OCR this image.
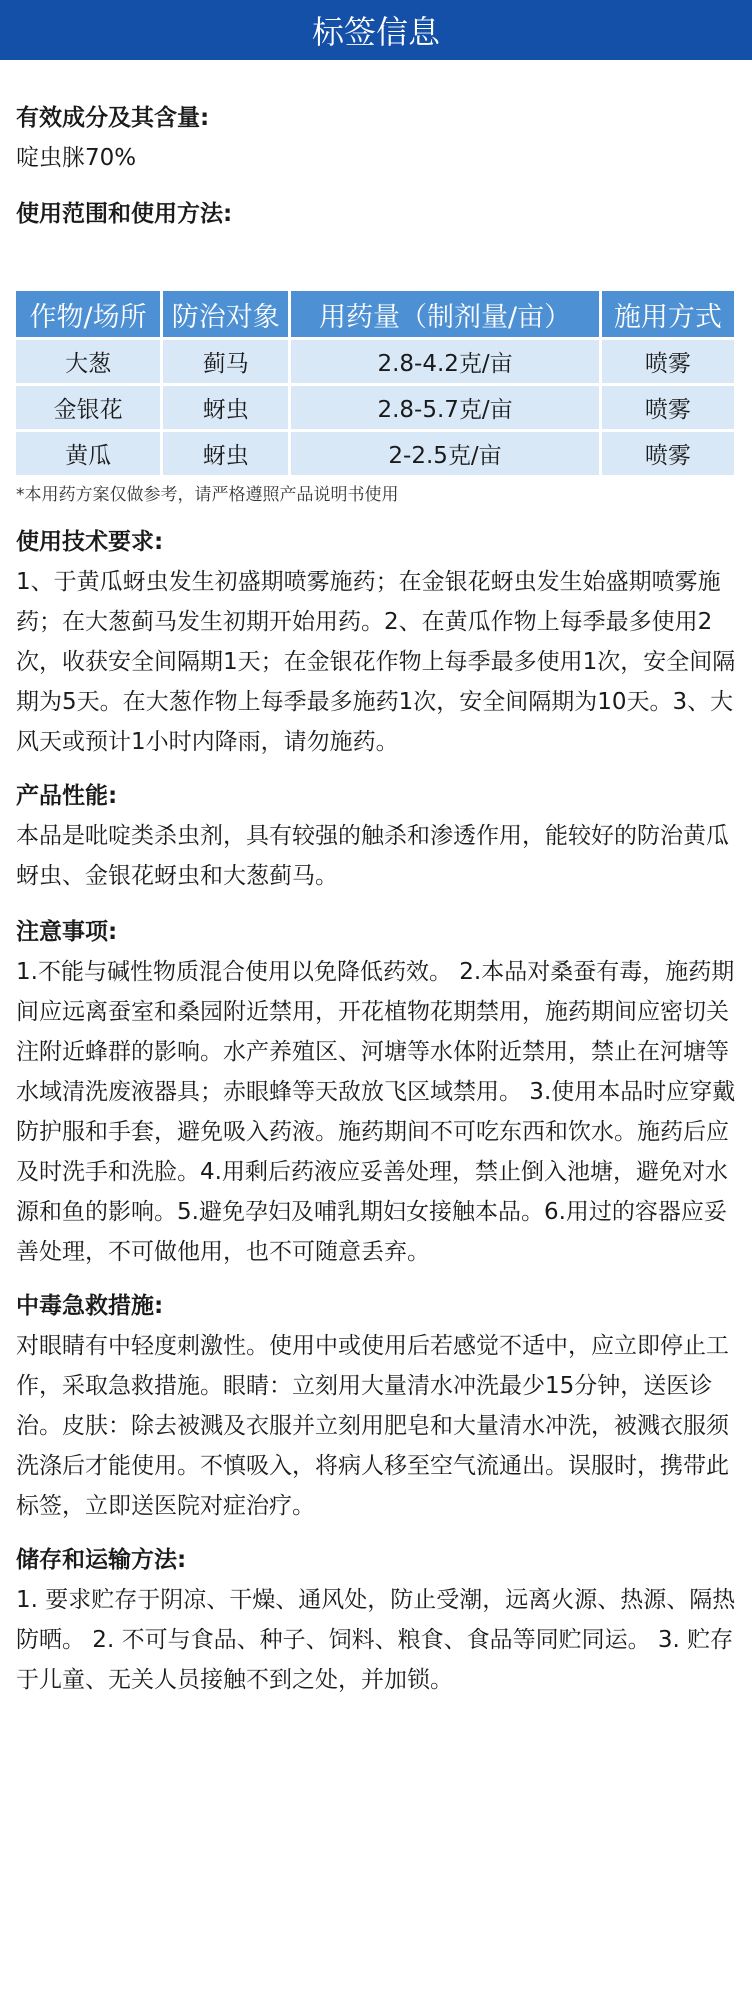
标签信息

有效成分及其含量:

啶虫脒70%

使用范围和使用方法:

作物/场所	防治对象	用药量（制剂量/亩）	施用方式
大葱	蓟马	2.8-4.2克/亩	喷雾
金银花	蚜虫	2.8-5.7克/亩	喷雾
黄瓜	蚜虫	2-2.5克/亩	喷雾

*本用药方案仅做参考，请严格遵照产品说明书使用

使用技术要求:

1、于黄瓜蚜虫发生初盛期喷雾施药；在金银花蚜虫发生始盛期喷雾施药；在大葱蓟马发生初期开始用药。2、在黄瓜作物上每季最多使用2次，收获安全间隔期1天；在金银花作物上每季最多使用1次，安全间隔期为5天。在大葱作物上每季最多施药1次，安全间隔期为10天。3、大风天或预计1小时内降雨，请勿施药。

产品性能:

本品是吡啶类杀虫剂，具有较强的触杀和渗透作用，能较好的防治黄瓜蚜虫、金银花蚜虫和大葱蓟马。

注意事项:

1.不能与碱性物质混合使用以免降低药效。 2.本品对桑蚕有毒，施药期间应远离蚕室和桑园附近禁用，开花植物花期禁用，施药期间应密切关注附近蜂群的影响。水产养殖区、河塘等水体附近禁用，禁止在河塘等水域清洗废液器具；赤眼蜂等天敌放飞区域禁用。 3.使用本品时应穿戴防护服和手套，避免吸入药液。施药期间不可吃东西和饮水。施药后应及时洗手和洗脸。4.用剩后药液应妥善处理，禁止倒入池塘，避免对水源和鱼的影响。5.避免孕妇及哺乳期妇女接触本品。6.用过的容器应妥善处理，不可做他用，也不可随意丢弃。

中毒急救措施:

对眼睛有中轻度刺激性。使用中或使用后若感觉不适中，应立即停止工作，采取急救措施。眼睛：立刻用大量清水冲洗最少15分钟，送医诊治。皮肤：除去被溅及衣服并立刻用肥皂和大量清水冲洗，被溅衣服须洗涤后才能使用。不慎吸入，将病人移至空气流通出。误服时，携带此标签，立即送医院对症治疗。

储存和运输方法:

1. 要求贮存于阴凉、干燥、通风处，防止受潮，远离火源、热源、隔热防晒。 2. 不可与食品、种子、饲料、粮食、食品等同贮同运。 3. 贮存于儿童、无关人员接触不到之处，并加锁。
